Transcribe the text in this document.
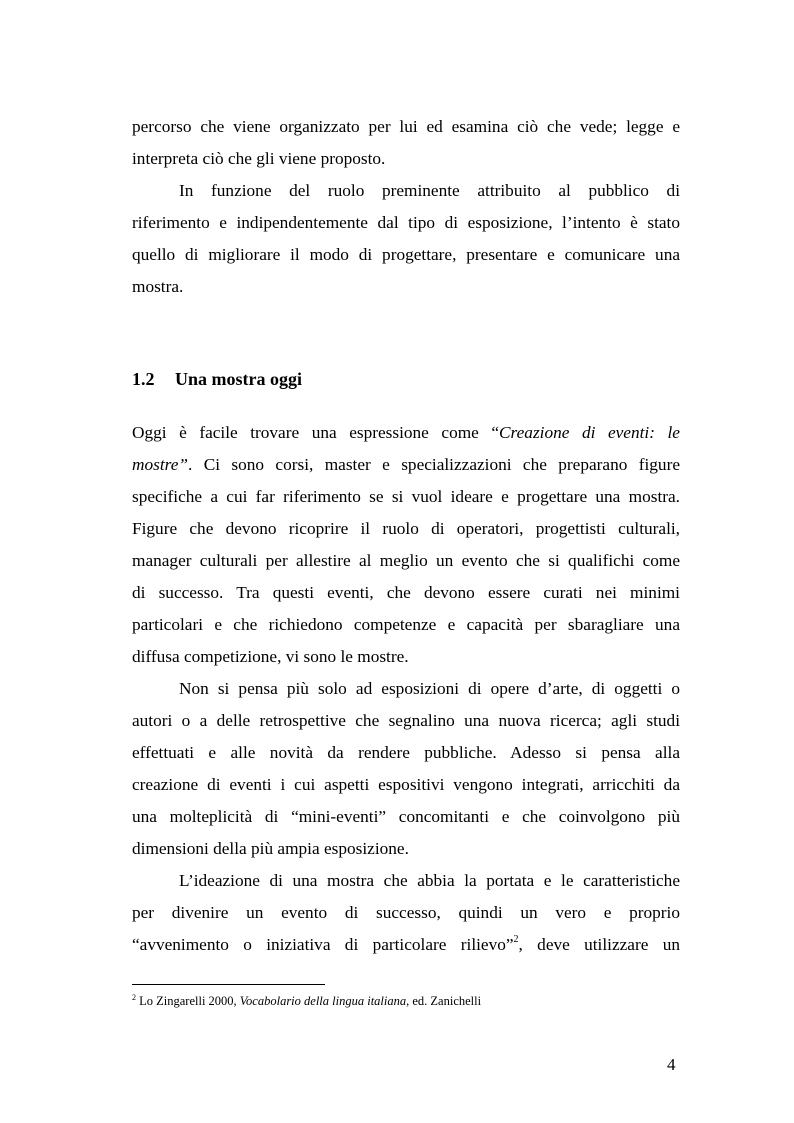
percorso che viene organizzato per lui ed esamina ciò che vede; legge e
interpreta ciò che gli viene proposto.
In funzione del ruolo preminente attribuito al pubblico di
riferimento e indipendentemente dal tipo di esposizione, l’intento è stato
quello di migliorare il modo di progettare, presentare e comunicare una
mostra.
1.2 Una mostra oggi
Oggi è facile trovare una espressione come “Creazione di eventi: le
mostre”. Ci sono corsi, master e specializzazioni che preparano figure
specifiche a cui far riferimento se si vuol ideare e progettare una mostra.
Figure che devono ricoprire il ruolo di operatori, progettisti culturali,
manager culturali per allestire al meglio un evento che si qualifichi come
di successo. Tra questi eventi, che devono essere curati nei minimi
particolari e che richiedono competenze e capacità per sbaragliare una
diffusa competizione, vi sono le mostre.
Non si pensa più solo ad esposizioni di opere d’arte, di oggetti o
autori o a delle retrospettive che segnalino una nuova ricerca; agli studi
effettuati e alle novità da rendere pubbliche. Adesso si pensa alla
creazione di eventi i cui aspetti espositivi vengono integrati, arricchiti da
una molteplicità di “mini-eventi” concomitanti e che coinvolgono più
dimensioni della più ampia esposizione.
L’ideazione di una mostra che abbia la portata e le caratteristiche
per divenire un evento di successo, quindi un vero e proprio
“avvenimento o iniziativa di particolare rilievo”$^2$, deve utilizzare un
$^2$ Lo Zingarelli 2000, Vocabolario della lingua italiana, ed. Zanichelli
4
